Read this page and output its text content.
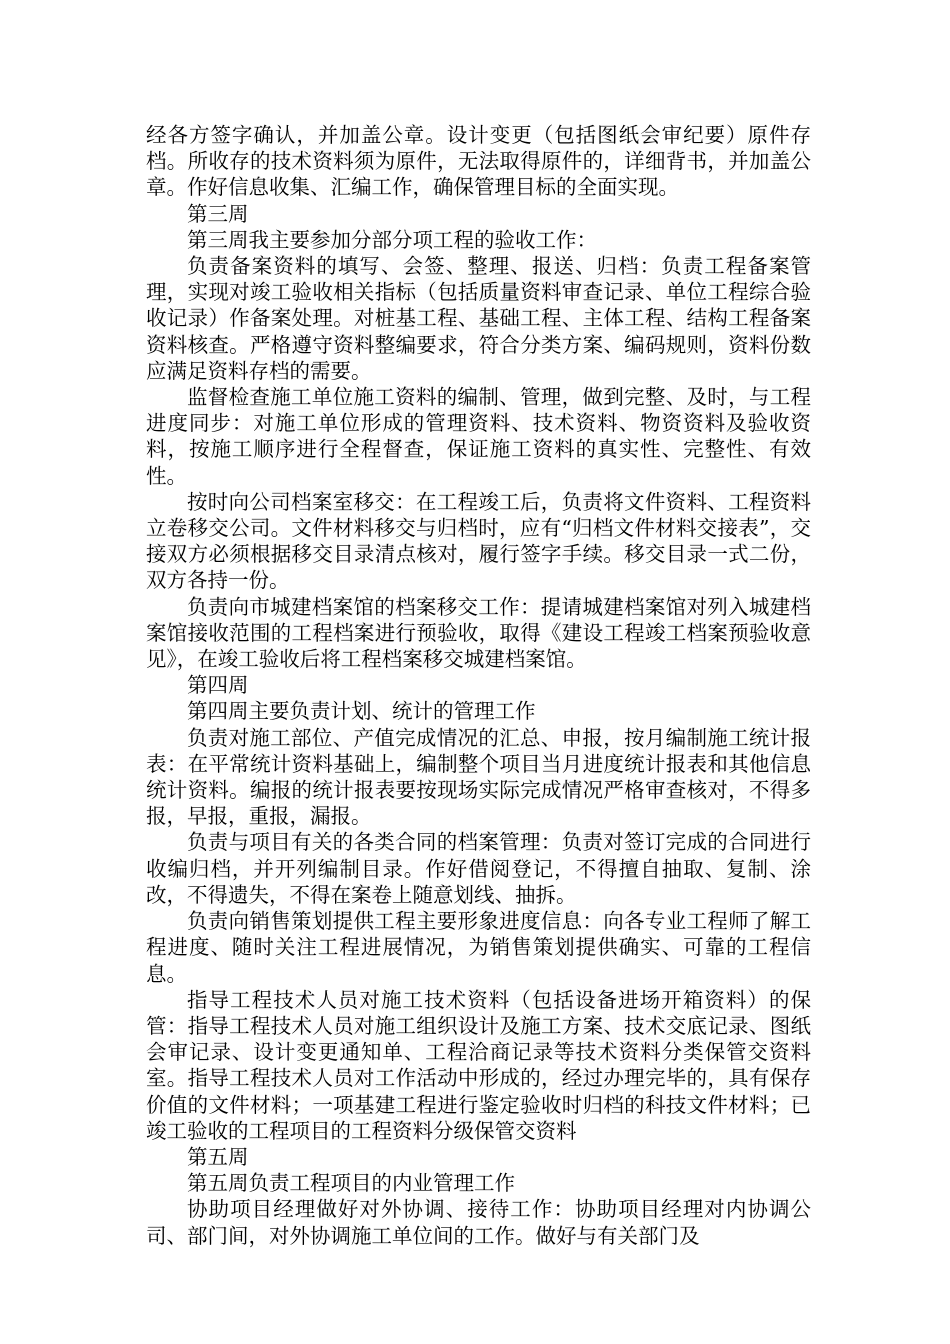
经各方签字确认，并加盖公章。设计变更（包括图纸会审纪要）原件存档。所收存的技术资料须为原件，无法取得原件的，详细背书，并加盖公章。作好信息收集、汇编工作，确保管理目标的全面实现。

第三周

第三周我主要参加分部分项工程的验收工作：

负责备案资料的填写、会签、整理、报送、归档：负责工程备案管理，实现对竣工验收相关指标（包括质量资料审查记录、单位工程综合验收记录）作备案处理。对桩基工程、基础工程、主体工程、结构工程备案资料核查。严格遵守资料整编要求，符合分类方案、编码规则，资料份数应满足资料存档的需要。

监督检查施工单位施工资料的编制、管理，做到完整、及时，与工程进度同步：对施工单位形成的管理资料、技术资料、物资资料及验收资料，按施工顺序进行全程督查，保证施工资料的真实性、完整性、有效性。

按时向公司档案室移交：在工程竣工后，负责将文件资料、工程资料立卷移交公司。文件材料移交与归档时，应有“归档文件材料交接表”，交接双方必须根据移交目录清点核对，履行签字手续。移交目录一式二份，双方各持一份。

负责向市城建档案馆的档案移交工作：提请城建档案馆对列入城建档案馆接收范围的工程档案进行预验收，取得《建设工程竣工档案预验收意见》，在竣工验收后将工程档案移交城建档案馆。

第四周

第四周主要负责计划、统计的管理工作

负责对施工部位、产值完成情况的汇总、申报，按月编制施工统计报表：在平常统计资料基础上，编制整个项目当月进度统计报表和其他信息统计资料。编报的统计报表要按现场实际完成情况严格审查核对，不得多报，早报，重报，漏报。

负责与项目有关的各类合同的档案管理：负责对签订完成的合同进行收编归档，并开列编制目录。作好借阅登记，不得擅自抽取、复制、涂改，不得遗失，不得在案卷上随意划线、抽拆。

负责向销售策划提供工程主要形象进度信息：向各专业工程师了解工程进度、随时关注工程进展情况，为销售策划提供确实、可靠的工程信息。

指导工程技术人员对施工技术资料（包括设备进场开箱资料）的保管：指导工程技术人员对施工组织设计及施工方案、技术交底记录、图纸会审记录、设计变更通知单、工程洽商记录等技术资料分类保管交资料室。指导工程技术人员对工作活动中形成的，经过办理完毕的，具有保存价值的文件材料；一项基建工程进行鉴定验收时归档的科技文件材料；已竣工验收的工程项目的工程资料分级保管交资料

第五周

第五周负责工程项目的内业管理工作

协助项目经理做好对外协调、接待工作：协助项目经理对内协调公司、部门间，对外协调施工单位间的工作。做好与有关部门及
